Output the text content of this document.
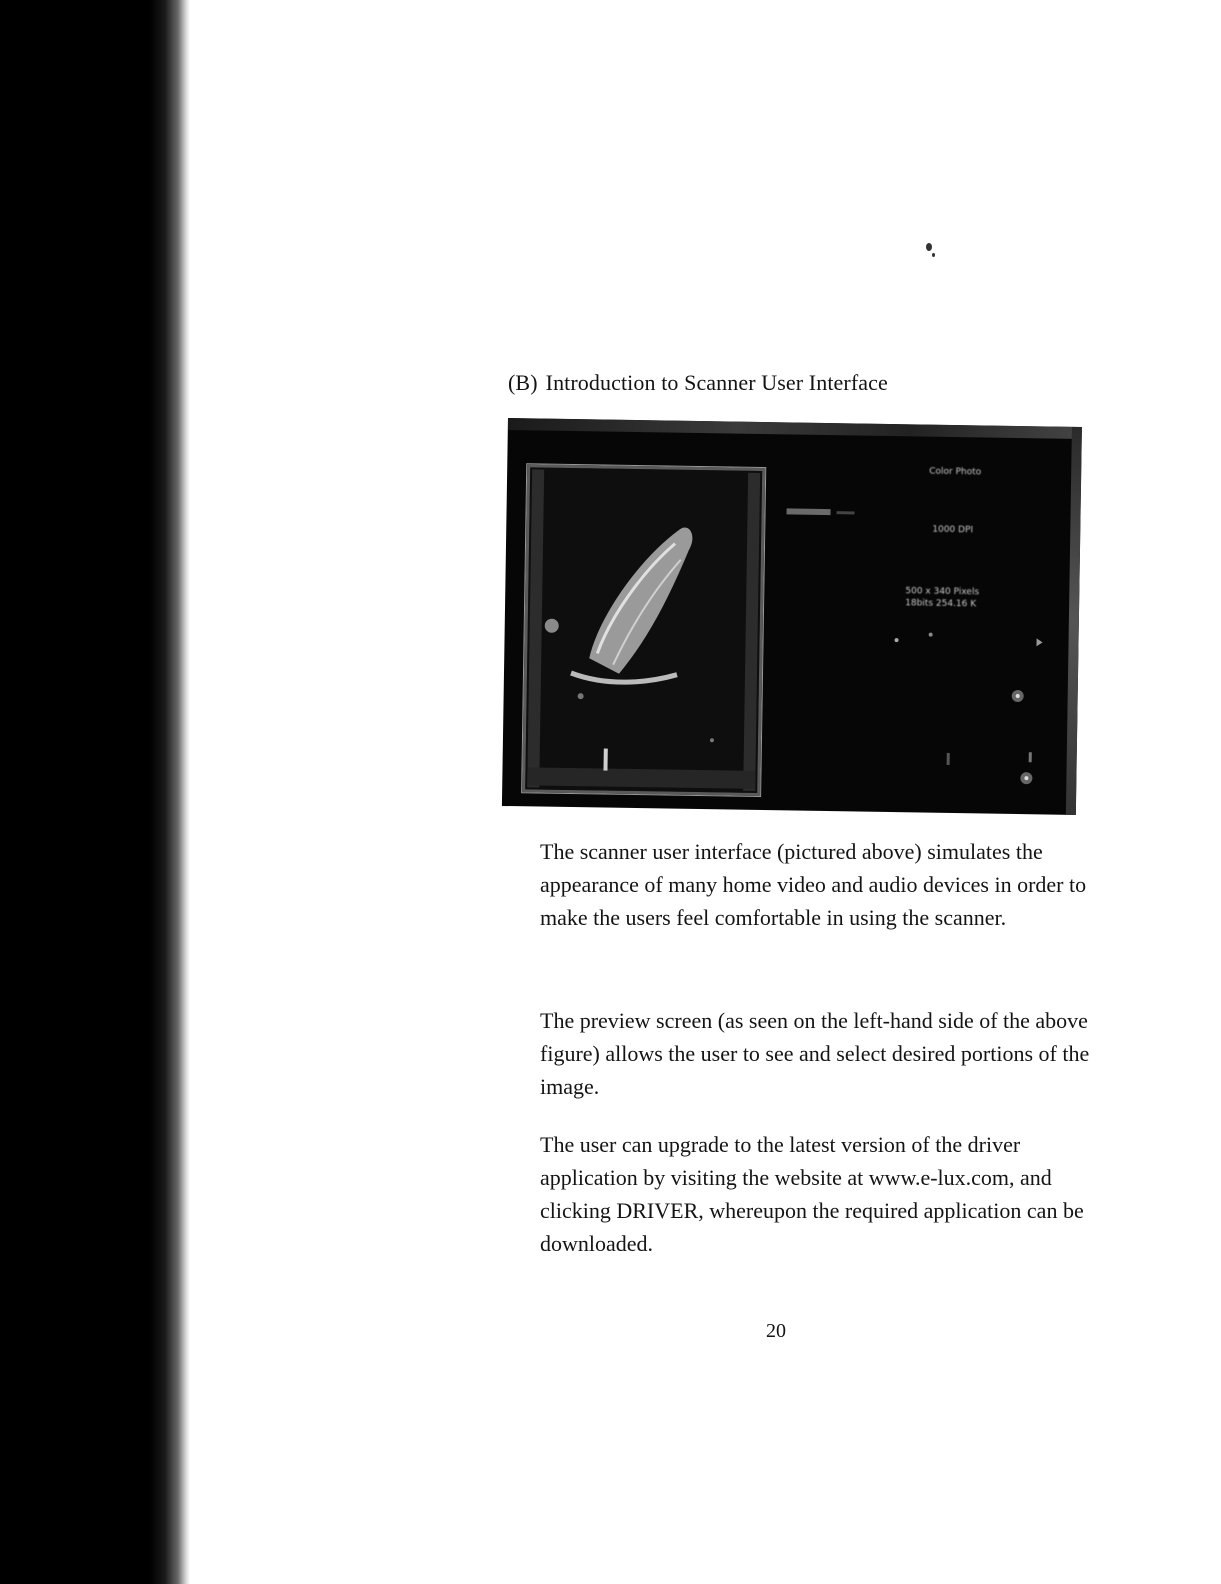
(B) Introduction to Scanner User Interface
Color Photo
1000 DPI
500 x 340 Pixels
18bits 254.16 K

The scanner user interface (pictured above) simulates the appearance of many home video and audio devices in order to make the users feel comfortable in using the scanner.

The preview screen (as seen on the left-hand side of the above figure) allows the user to see and select desired portions of the image.

The user can upgrade to the latest version of the driver application by visiting the website at www.e-lux.com, and clicking DRIVER, whereupon the required application can be downloaded.

20
